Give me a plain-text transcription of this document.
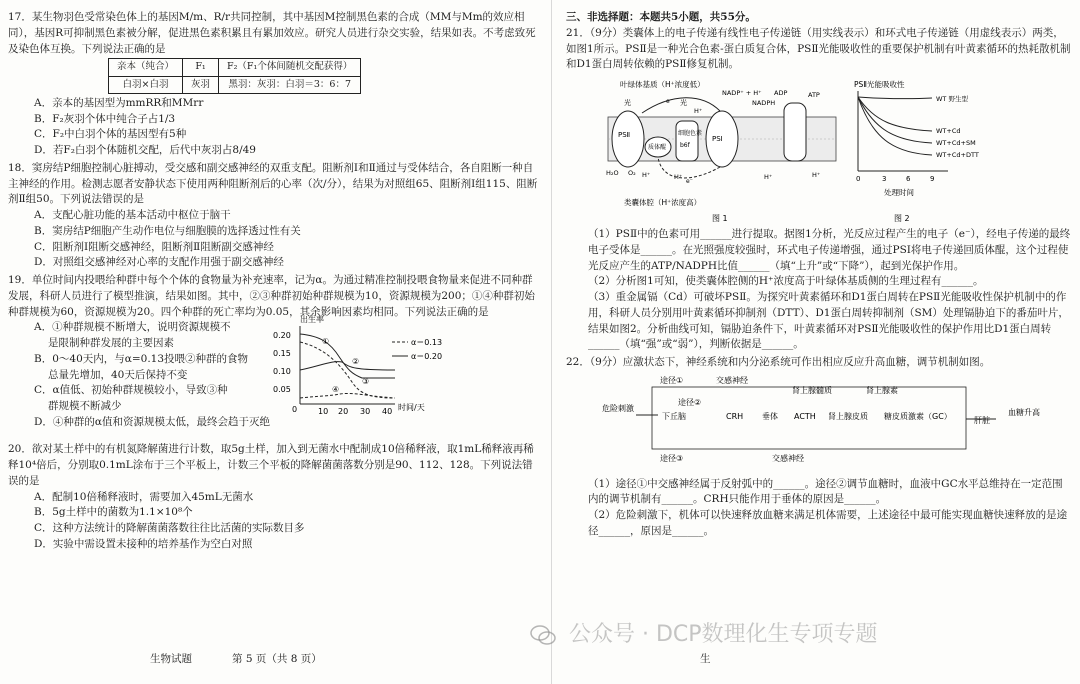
17．某生物羽色受常染色体上的基因M/m、R/r共同控制，其中基因M控制黑色素的合成（MM与Mm的效应相同），基因R可抑制黑色素被分解，促进黑色素积累且有累加效应。研究人员进行杂交实验，结果如表。不考虑致死及染色体互换。下列说法正确的是

亲本（纯合）	F₁	F₂（F₁个体间随机交配获得）
白羽×白羽	灰羽	黑羽：灰羽：白羽＝3：6：7

A．亲本的基因型为mmRR和MMrr

B．F₂灰羽个体中纯合子占1/3

C．F₂中白羽个体的基因型有5种

D．若F₂白羽个体随机交配，后代中灰羽占8/49

18．窦房结P细胞控制心脏搏动，受交感和副交感神经的双重支配。阻断剂Ⅰ和Ⅱ通过与受体结合，各自阻断一种自主神经的作用。检测志愿者安静状态下使用两种阻断剂后的心率（次/分），结果为对照组65、阻断剂Ⅰ组115、阻断剂Ⅱ组50。下列说法错误的是

A．支配心脏功能的基本活动中枢位于脑干

B．窦房结P细胞产生动作电位与细胞膜的选择透过性有关

C．阻断剂Ⅰ阻断交感神经，阻断剂Ⅱ阻断副交感神经

D．对照组交感神经对心率的支配作用强于副交感神经

19．单位时间内投喂给种群中每个个体的食物量为补充速率，记为α。为通过精准控制投喂食物量来促进不同种群发展，科研人员进行了模型推演，结果如图。其中，②③种群初始种群规模为10，资源规模为200；①④种群初始种群规模为60，资源规模为20。四个种群的死亡率均为0.05，其余影响因素均相同。下列说法正确的是

A．①种群规模不断增大，说明资源规模不

是限制种群发展的主要因素

B．0～40天内，与α=0.13投喂②种群的食物

总量先增加，40天后保持不变

C．α值低、初始种群规模较小，导致③种

群规模不断减少

D．④种群的α值和资源规模太低，最终会趋于灭绝

出生率
0.20
0.15
0.10
0.05
0	10 20 30 40 时间/天
①
②
③
④
α＝0.13
α＝0.20

20．欲对某土样中的有机氮降解菌进行计数，取5g土样，加入到无菌水中配制成10倍稀释液，取1mL稀释液再稀释10⁴倍后，分别取0.1mL涂布于三个平板上，计数三个平板的降解菌菌落数分别是90、112、128。下列说法错误的是

A．配制10倍稀释液时，需要加入45mL无菌水

B．5g土样中的菌数为1.1×10⁸个

C．这种方法统计的降解菌菌落数往往比活菌的实际数目多

D．实验中需设置未接种的培养基作为空白对照

生物试题	第 5 页（共 8 页）

三、非选择题：本题共5小题，共55分。

21．（9分）类囊体上的电子传递有线性电子传递链（用实线表示）和环式电子传递链（用虚线表示）两类，如图1所示。PSⅡ是一种光合色素-蛋白质复合体，PSⅡ光能吸收性的重要保护机制有叶黄素循环的热耗散机制和D1蛋白周转依赖的PSⅡ修复机制。

叶绿体基质（H⁺浓度低）
光	光
NADP⁺ + H⁺
NADPH
ADP	ATP
PSⅡ
质体醌
细胞色素
b6f
PSⅠ
e⁻
e⁻
H₂O O₂ H⁺	H⁺
H⁺
H⁺	H⁺
类囊体腔（H⁺浓度高）
图 1
PSⅡ光能吸收性
WT 野生型
WT+Cd
WT+Cd+SM
WT+Cd+DTT
0	3	6	9
处理时间
图 2

（1）PSⅡ中的色素可用______进行提取。据图1分析，光反应过程产生的电子（e⁻），经电子传递的最终电子受体是______。在光照强度较强时，环式电子传递增强，通过PSⅠ将电子传递回质体醌，这个过程使光反应产生的ATP/NADPH比值______（填“上升”或“下降”），起到光保护作用。

（2）分析图1可知，使类囊体腔侧的H⁺浓度高于叶绿体基质侧的生理过程有______。

（3）重金属镉（Cd）可破坏PSⅡ。为探究叶黄素循环和D1蛋白周转在PSⅡ光能吸收性保护机制中的作用，科研人员分别用叶黄素循环抑制剂（DTT）、D1蛋白周转抑制剂（SM）处理镉胁迫下的番茄叶片，结果如图2。分析曲线可知，镉胁迫条件下，叶黄素循环对PSⅡ光能吸收性的保护作用比D1蛋白周转______（填“强”或“弱”），判断依据是______。

22．（9分）应激状态下，神经系统和内分泌系统可作出相应反应升高血糖，调节机制如图。

途径①	交感神经
危险刺激
下丘脑
途径②
CRH 垂体 ACTH
肾上腺髓质	肾上腺素
肾上腺皮质 糖皮质激素（GC）	肝脏
血糖升高
途径③	交感神经

（1）途径①中交感神经属于反射弧中的______。途径②调节血糖时，血液中GC水平总维持在一定范围内的调节机制有______。CRH只能作用于垂体的原因是______。

（2）危险刺激下，机体可以快速释放血糖来满足机体需要，上述途径中最可能实现血糖快速释放的是途径______，原因是______。

生
公众号 · DCP数理化生专项专题
